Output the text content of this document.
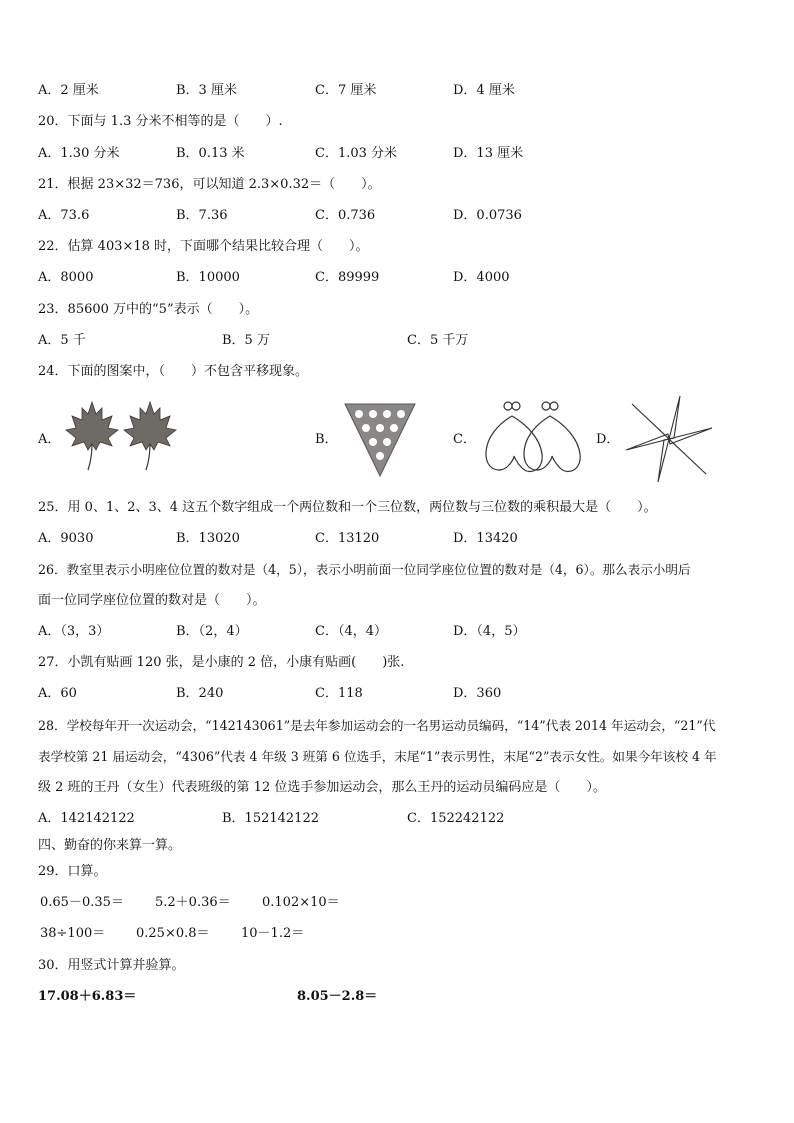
A．2 厘米	B．3 厘米	C．7 厘米	D．4 厘米
20．下面与 1.3 分米不相等的是（　　）.
A．1.30 分米	B．0.13 米	C．1.03 分米	D．13 厘米
21．根据 23×32＝736，可以知道 2.3×0.32＝（　　）。
A．73.6	B．7.36	C．0.736	D．0.0736
22．估算 403×18 时，下面哪个结果比较合理（　　）。
A．8000	B．10000	C．89999	D．4000
23．85600 万中的“5”表示（　　）。
A．5 千	B．5 万	C．5 千万
24．下面的图案中，（　　）不包含平移现象。
A．	B．	C．	D．
25．用 0、1、2、3、4 这五个数字组成一个两位数和一个三位数，两位数与三位数的乘积最大是（　　）。
A．9030	B．13020	C．13120	D．13420
26．教室里表示小明座位位置的数对是（4，5），表示小明前面一位同学座位位置的数对是（4，6）。那么表示小明后
面一位同学座位位置的数对是（　　）。
A．（3，3）	B．（2，4）	C．（4，4）	D．（4，5）
27．小凯有贴画 120 张，是小康的 2 倍，小康有贴画(　　)张.
A．60	B．240	C．118	D．360
28．学校每年开一次运动会，“142143061”是去年参加运动会的一名男运动员编码，“14”代表 2014 年运动会，“21”代
表学校第 21 届运动会，“4306”代表 4 年级 3 班第 6 位选手，末尾“1”表示男性，末尾“2”表示女性。如果今年该校 4 年
级 2 班的王丹（女生）代表班级的第 12 位选手参加运动会，那么王丹的运动员编码应是（　　）。
A．142142122	B．152142122	C．152242122
四、勤奋的你来算一算。
29．口算。
0.65－0.35＝ 5.2＋0.36＝ 0.102×10＝
38÷100＝ 0.25×0.8＝ 10－1.2＝
30．用竖式计算并验算。
17.08＋6.83＝	8.05－2.8＝
